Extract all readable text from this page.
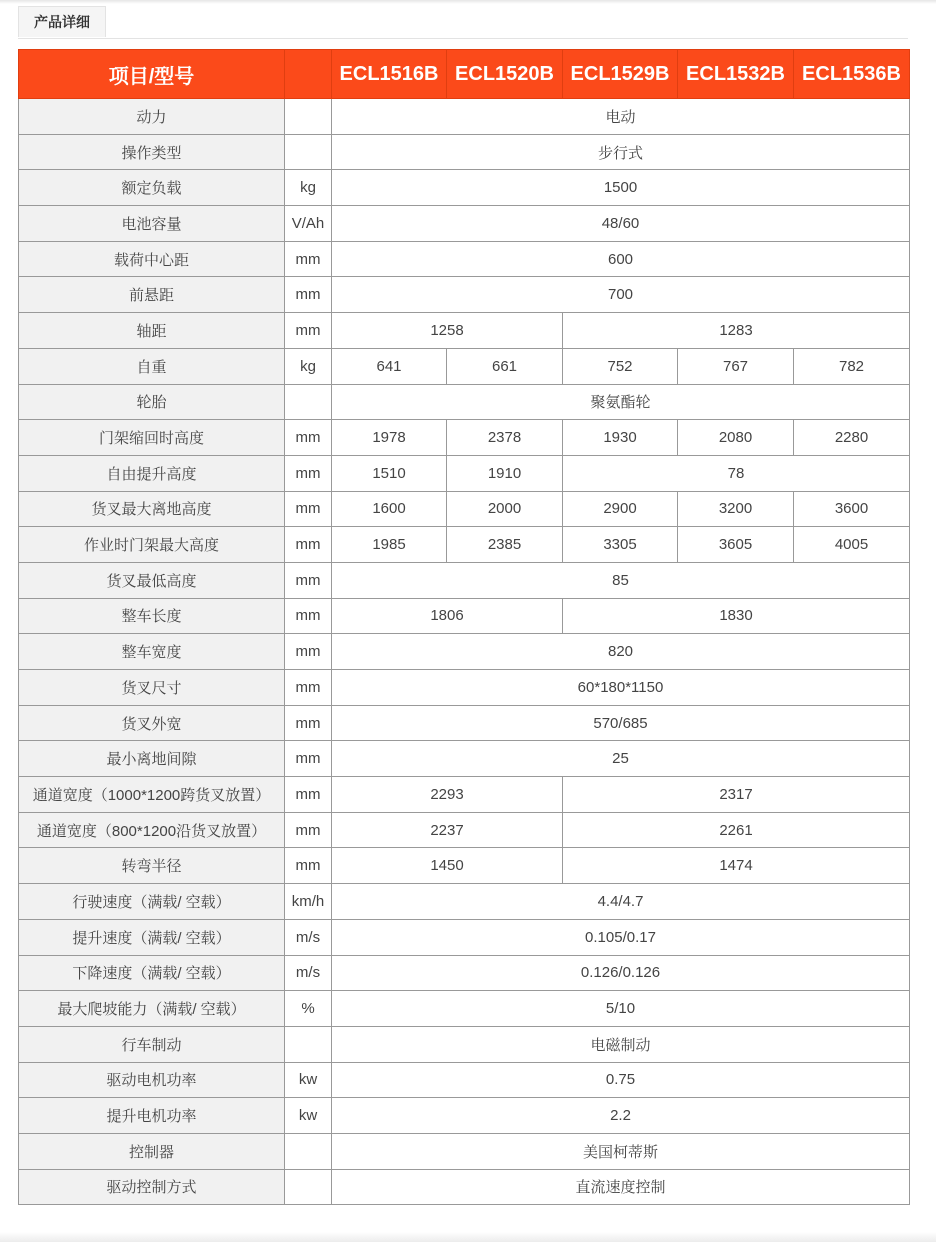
产品详细
项目/型号		ECL1516B	ECL1520B	ECL1529B	ECL1532B	ECL1536B
动力		电动				
操作类型		步行式				
额定负载	kg	1500				
电池容量	V/Ah	48/60				
载荷中心距	mm	600				
前悬距	mm	700				
轴距	mm	1258		1283		
自重	kg	641	661	752	767	782
轮胎		聚氨酯轮				
门架缩回时高度	mm	1978	2378	1930	2080	2280
自由提升高度	mm	1510	1910	78		
货叉最大离地高度	mm	1600	2000	2900	3200	3600
作业时门架最大高度	mm	1985	2385	3305	3605	4005
货叉最低高度	mm	85				
整车长度	mm	1806		1830		
整车宽度	mm	820				
货叉尺寸	mm	60*180*1150				
货叉外宽	mm	570/685				
最小离地间隙	mm	25				
通道宽度（1000*1200跨货叉放置）	mm	2293		2317		
通道宽度（800*1200沿货叉放置）	mm	2237		2261		
转弯半径	mm	1450		1474		
行驶速度（满载/ 空载）	km/h	4.4/4.7				
提升速度（满载/ 空载）	m/s	0.105/0.17				
下降速度（满载/ 空载）	m/s	0.126/0.126				
最大爬坡能力（满载/ 空载）	%	5/10				
行车制动		电磁制动				
驱动电机功率	kw	0.75				
提升电机功率	kw	2.2				
控制器		美国柯蒂斯				
驱动控制方式		直流速度控制				
